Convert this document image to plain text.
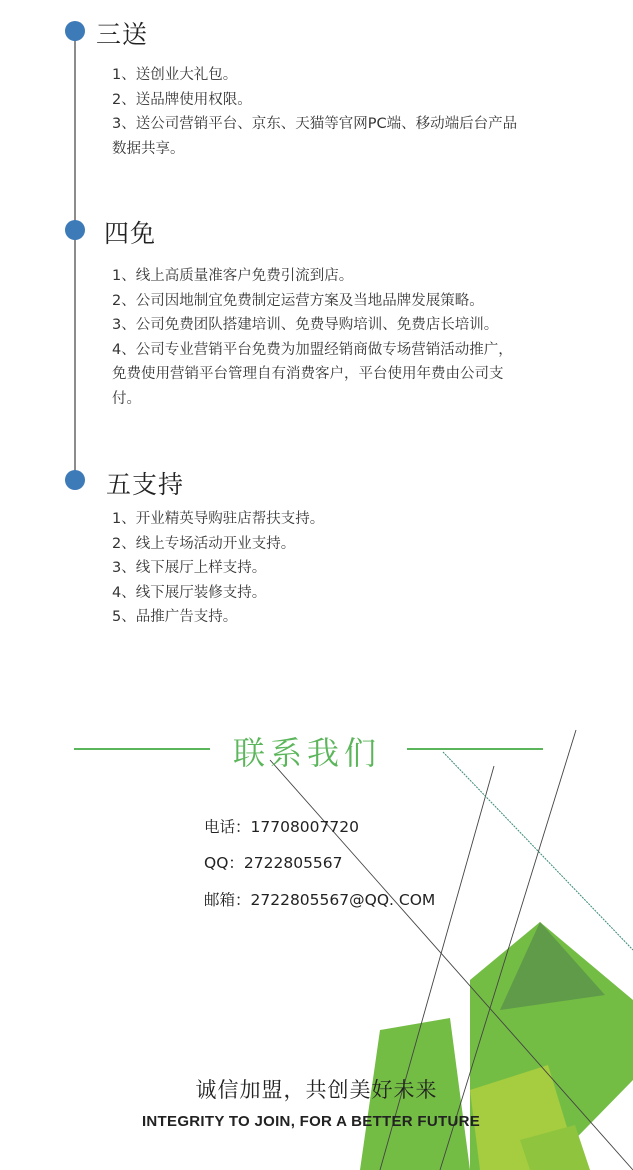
三送
1、送创业大礼包。
2、送品牌使用权限。
3、送公司营销平台、京东、天猫等官网PC端、移动端后台产品
数据共享。
四免
1、线上高质量准客户免费引流到店。
2、公司因地制宜免费制定运营方案及当地品牌发展策略。
3、公司免费团队搭建培训、免费导购培训、免费店长培训。
4、公司专业营销平台免费为加盟经销商做专场营销活动推广，
免费使用营销平台管理自有消费客户，平台使用年费由公司支
付。
五支持
1、开业精英导购驻店帮扶支持。
2、线上专场活动开业支持。
3、线下展厅上样支持。
4、线下展厅装修支持。
5、品推广告支持。
联系我们
电话：17708007720
QQ：2722805567
邮箱：2722805567@QQ. COM
诚信加盟，共创美好未来
INTEGRITY TO JOIN, FOR A BETTER FUTURE
